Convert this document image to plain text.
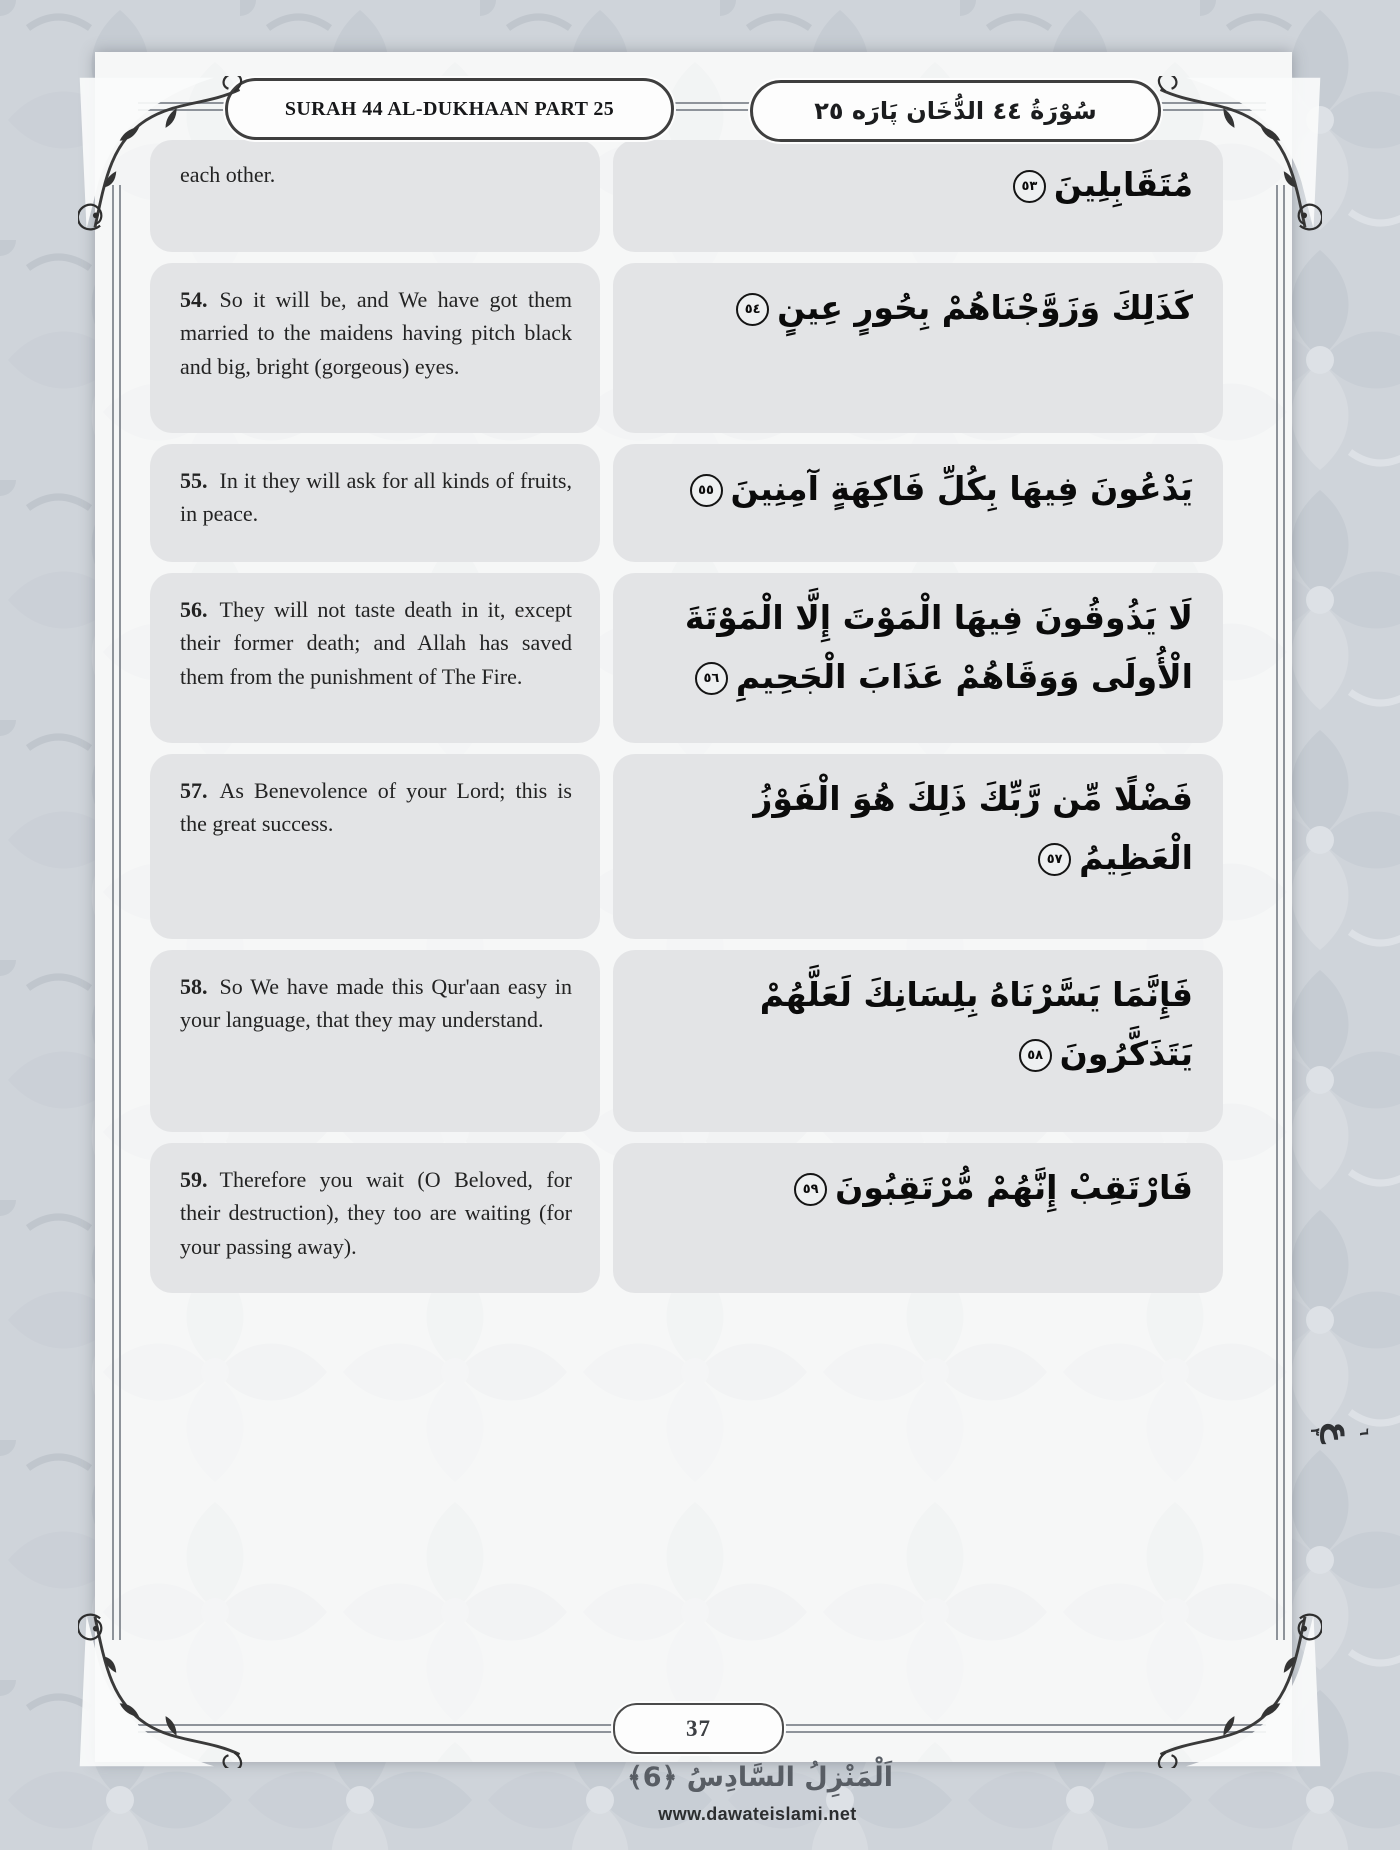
SURAH 44 AL-DUKHAAN PART 25	سُوْرَةُ ٤٤ الدُّخَان پَارَه ٢٥
each other.	مُتَقَابِلِينَ٥٣
54. So it will be, and We have got them married to the maidens having pitch black and big, bright (gorgeous) eyes.
كَذَلِكَ وَزَوَّجْنَاهُمْ بِحُورٍ عِينٍ٥٤
55. In it they will ask for all kinds of fruits, in peace.
يَدْعُونَ فِيهَا بِكُلِّ فَاكِهَةٍ آمِنِينَ٥٥
56. They will not taste death in it, except their former death; and Allah has saved them from the punishment of The Fire.
لَا يَذُوقُونَ فِيهَا الْمَوْتَ إِلَّا الْمَوْتَةَ الْأُولَى وَوَقَاهُمْ عَذَابَ الْجَحِيمِ٥٦
57. As Benevolence of your Lord; this is the great success.
فَضْلًا مِّن رَّبِّكَ ذَلِكَ هُوَ الْفَوْزُ الْعَظِيمُ٥٧
58. So We have made this Qur'aan easy in your language, that they may understand.
فَإِنَّمَا يَسَّرْنَاهُ بِلِسَانِكَ لَعَلَّهُمْ يَتَذَكَّرُونَ٥٨
59. Therefore you wait (O Beloved, for their destruction), they too are waiting (for your passing away).
فَارْتَقِبْ إِنَّهُمْ مُّرْتَقِبُونَ٥٩
٦
ع
٣
37
اَلْمَنْزِلُ السَّادِسُ ﴿6﴾
www.dawateislami.net
